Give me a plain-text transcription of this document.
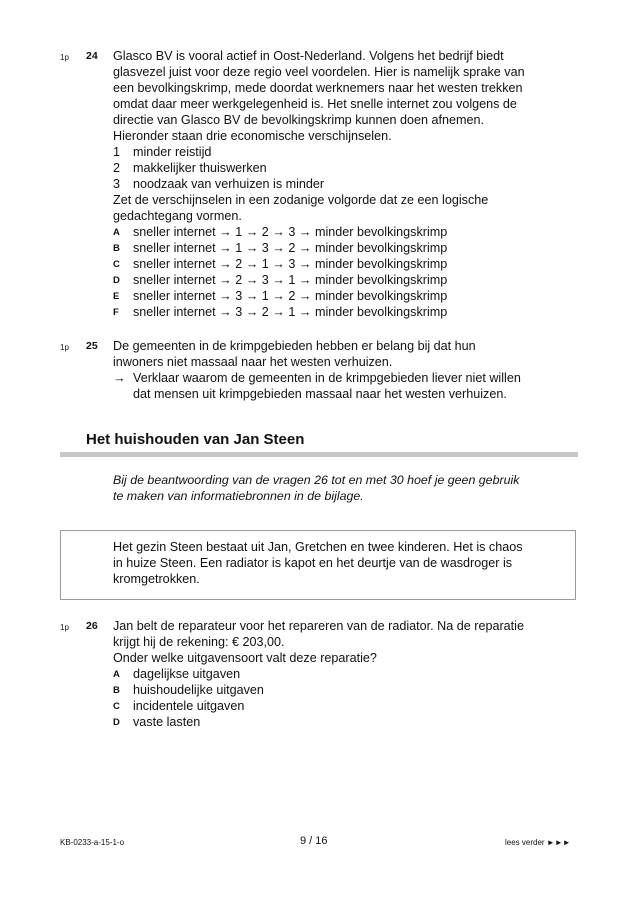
1p 24 Glasco BV is vooral actief in Oost-Nederland. Volgens het bedrijf biedt
glasvezel juist voor deze regio veel voordelen. Hier is namelijk sprake van
een bevolkingskrimp, mede doordat werknemers naar het westen trekken
omdat daar meer werkgelegenheid is. Het snelle internet zou volgens de
directie van Glasco BV de bevolkingskrimp kunnen doen afnemen.
Hieronder staan drie economische verschijnselen.
1 minder reistijd
2 makkelijker thuiswerken
3 noodzaak van verhuizen is minder
Zet de verschijnselen in een zodanige volgorde dat ze een logische
gedachtegang vormen.
A sneller internet → 1 → 2 → 3 → minder bevolkingskrimp
B sneller internet → 1 → 3 → 2 → minder bevolkingskrimp
C sneller internet → 2 → 1 → 3 → minder bevolkingskrimp
D sneller internet → 2 → 3 → 1 → minder bevolkingskrimp
E sneller internet → 3 → 1 → 2 → minder bevolkingskrimp
F sneller internet → 3 → 2 → 1 → minder bevolkingskrimp
1p 25 De gemeenten in de krimpgebieden hebben er belang bij dat hun
inwoners niet massaal naar het westen verhuizen.
→ Verklaar waarom de gemeenten in de krimpgebieden liever niet willen
dat mensen uit krimpgebieden massaal naar het westen verhuizen.
Het huishouden van Jan Steen
Bij de beantwoording van de vragen 26 tot en met 30 hoef je geen gebruik
te maken van informatiebronnen in de bijlage.
Het gezin Steen bestaat uit Jan, Gretchen en twee kinderen. Het is chaos
in huize Steen. Een radiator is kapot en het deurtje van de wasdroger is
kromgetrokken.
1p 26 Jan belt de reparateur voor het repareren van de radiator. Na de reparatie
krijgt hij de rekening: € 203,00.
Onder welke uitgavensoort valt deze reparatie?
A dagelijkse uitgaven
B huishoudelijke uitgaven
C incidentele uitgaven
D vaste lasten
KB-0233-a-15-1-o	9 / 16	lees verder ►►►
